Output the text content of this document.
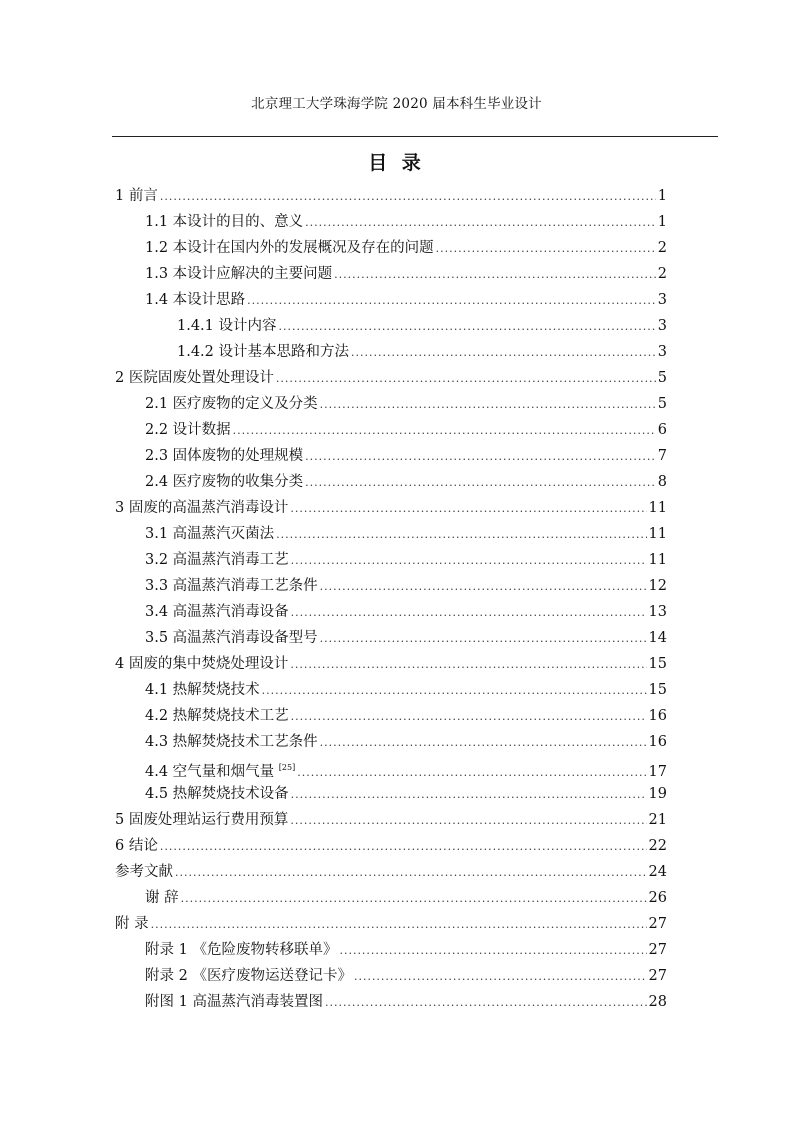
北京理工大学珠海学院 2020 届本科生毕业设计
目 录
1 前言 .....	1
1.1 本设计的目的、意义 .....	1
1.2 本设计在国内外的发展概况及存在的问题 .....	2
1.3 本设计应解决的主要问题 .....	2
1.4 本设计思路 .....	3
1.4.1 设计内容 .....	3
1.4.2 设计基本思路和方法 .....	3
2 医院固废处置处理设计 .....	5
2.1 医疗废物的定义及分类 .....	5
2.2 设计数据 .....	6
2.3 固体废物的处理规模 .....	7
2.4 医疗废物的收集分类 .....	8
3 固废的高温蒸汽消毒设计 .....	11
3.1 高温蒸汽灭菌法 .....	11
3.2 高温蒸汽消毒工艺 .....	11
3.3 高温蒸汽消毒工艺条件 .....	12
3.4 高温蒸汽消毒设备 .....	13
3.5 高温蒸汽消毒设备型号 .....	14
4 固废的集中焚烧处理设计 .....	15
4.1 热解焚烧技术 .....	15
4.2 热解焚烧技术工艺 .....	16
4.3 热解焚烧技术工艺条件 .....	16
4.4 空气量和烟气量 [25] .....	17
4.5 热解焚烧技术设备 .....	19
5 固废处理站运行费用预算 .....	21
6 结论 .....	22
参考文献 .....	24
谢 辞 .....	26
附 录 .....	27
附录 1 《危险废物转移联单》 .....	27
附录 2 《医疗废物运送登记卡》 .....	27
附图 1 高温蒸汽消毒装置图 .....	28
